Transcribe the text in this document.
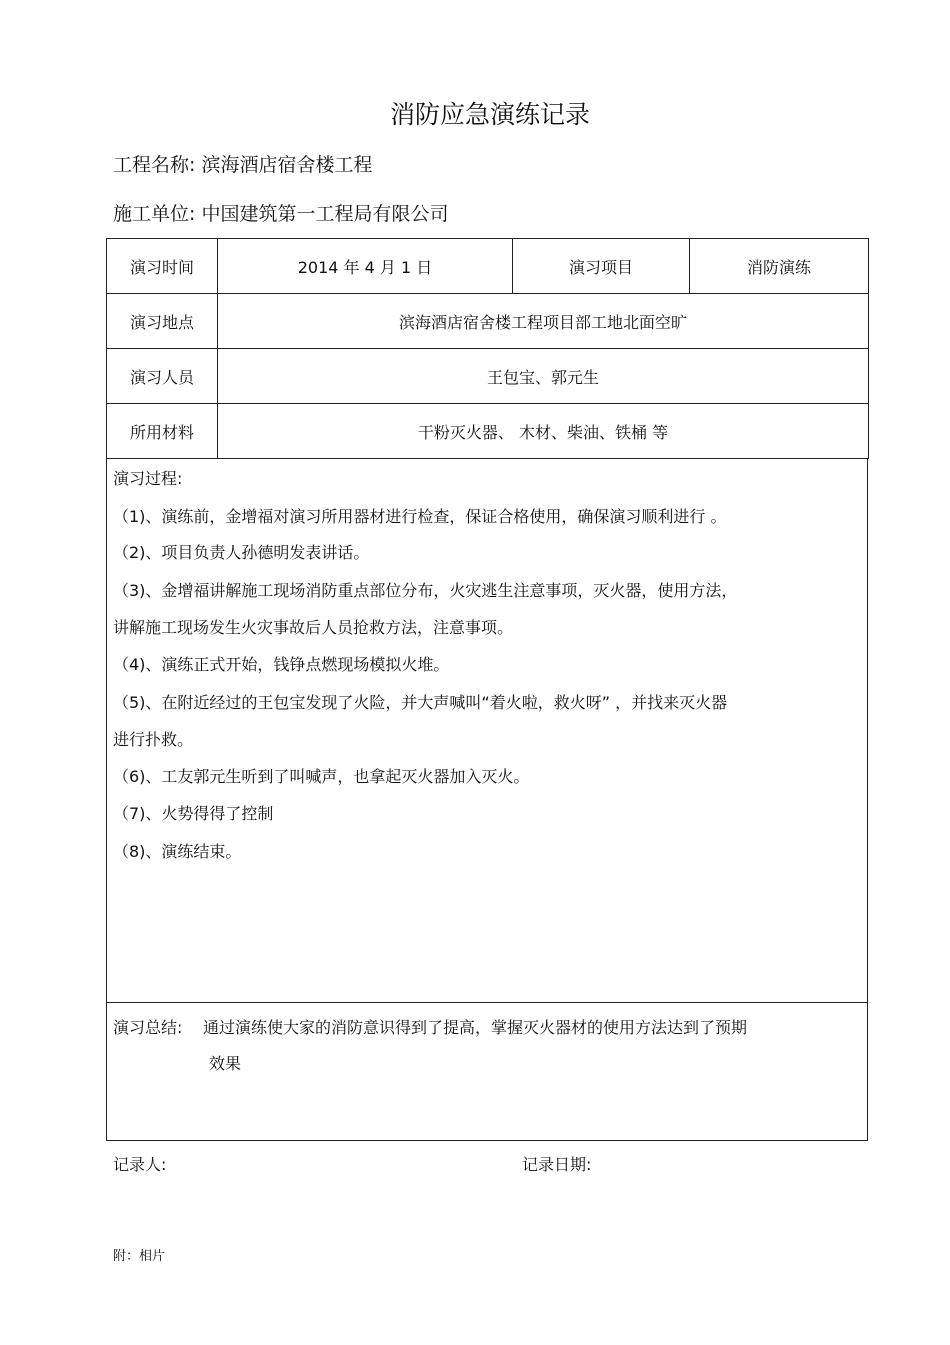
消防应急演练记录
工程名称: 滨海酒店宿舍楼工程
施工单位: 中国建筑第一工程局有限公司
演习时间	2014 年 4 月 1 日	演习项目	消防演练
演习地点	滨海酒店宿舍楼工程项目部工地北面空旷		
演习人员	王包宝、郭元生		
所用材料	干粉灭火器、 木材、柴油、铁桶 等		
演习过程:
（1)、演练前，金增福对演习所用器材进行检查，保证合格使用，确保演习顺利进行 。
（2)、项目负责人孙德明发表讲话。
（3)、金增福讲解施工现场消防重点部位分布，火灾逃生注意事项，灭火器，使用方法，
讲解施工现场发生火灾事故后人员抢救方法，注意事项。
（4)、演练正式开始，钱铮点燃现场模拟火堆。
（5)、在附近经过的王包宝发现了火险，并大声喊叫“着火啦，救火呀” ，并找来灭火器
进行扑救。
（6)、工友郭元生听到了叫喊声，也拿起灭火器加入灭火。
（7)、火势得得了控制
（8)、演练结束。
演习总结: 通过演练使大家的消防意识得到了提高，掌握灭火器材的使用方法达到了预期
效果
记录人:	记录日期:
附：相片
